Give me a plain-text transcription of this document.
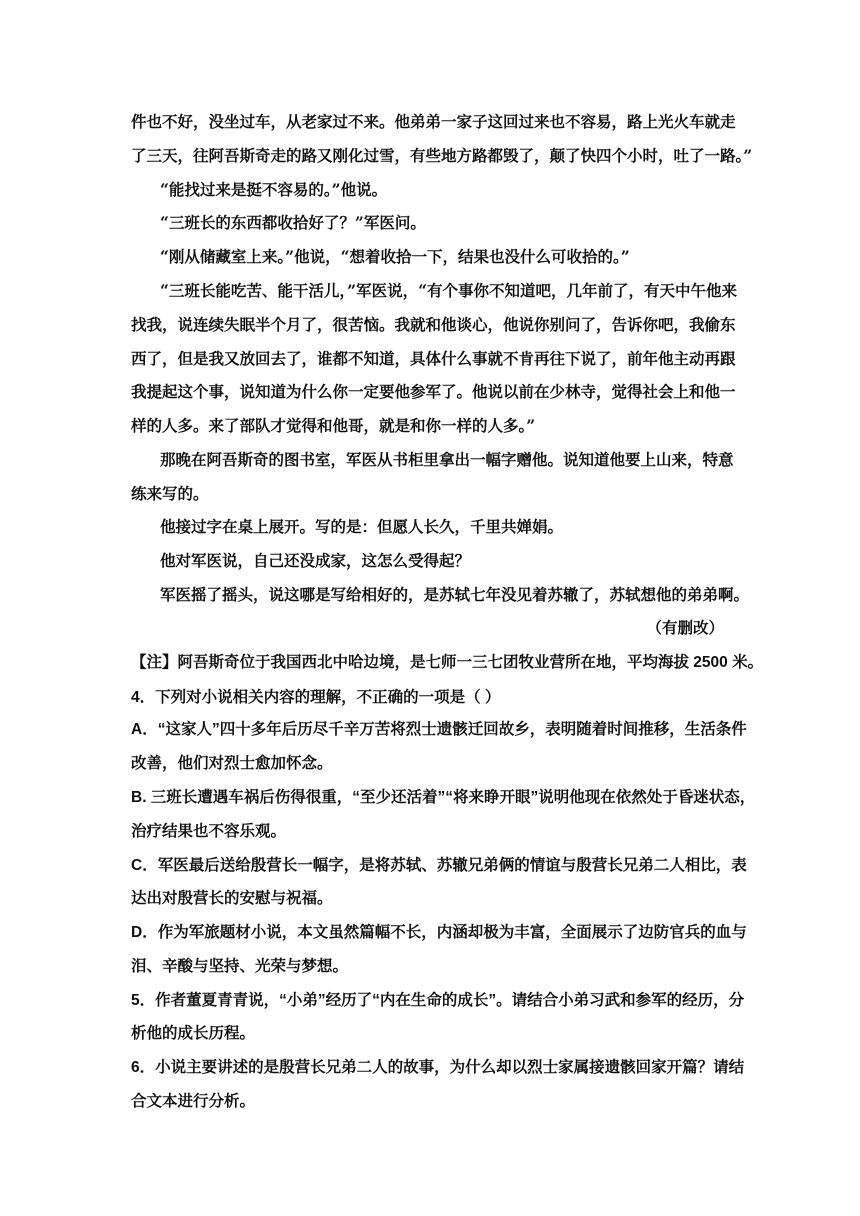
件也不好，没坐过车，从老家过不来。他弟弟一家子这回过来也不容易，路上光火车就走
了三天，往阿吾斯奇走的路又刚化过雪，有些地方路都毁了，颠了快四个小时，吐了一路。”
“能找过来是挺不容易的。”他说。
“三班长的东西都收拾好了？”军医问。
“刚从储藏室上来。”他说，“想着收拾一下，结果也没什么可收拾的。”
“三班长能吃苦、能干活儿，”军医说，“有个事你不知道吧，几年前了，有天中午他来
找我，说连续失眠半个月了，很苦恼。我就和他谈心，他说你别问了，告诉你吧，我偷东
西了，但是我又放回去了，谁都不知道，具体什么事就不肯再往下说了，前年他主动再跟
我提起这个事，说知道为什么你一定要他参军了。他说以前在少林寺，觉得社会上和他一
样的人多。来了部队才觉得和他哥，就是和你一样的人多。”
那晚在阿吾斯奇的图书室，军医从书柜里拿出一幅字赠他。说知道他要上山来，特意
练来写的。
他接过字在桌上展开。写的是：但愿人长久，千里共婵娟。
他对军医说，自己还没成家，这怎么受得起？
军医摇了摇头，说这哪是写给相好的，是苏轼七年没见着苏辙了，苏轼想他的弟弟啊。
（有删改）
【注】阿吾斯奇位于我国西北中哈边境，是七师一三七团牧业营所在地，平均海拔 2500 米。
4．下列对小说相关内容的理解，不正确的一项是（ ）
A．“这家人”四十多年后历尽千辛万苦将烈士遗骸迁回故乡，表明随着时间推移，生活条件
改善，他们对烈士愈加怀念。
B. 三班长遭遇车祸后伤得很重，“至少还活着”“将来睁开眼”说明他现在依然处于昏迷状态，
治疗结果也不容乐观。
C．军医最后送给殷营长一幅字，是将苏轼、苏辙兄弟俩的情谊与殷营长兄弟二人相比，表
达出对殷营长的安慰与祝福。
D．作为军旅题材小说，本文虽然篇幅不长，内涵却极为丰富，全面展示了边防官兵的血与
泪、辛酸与坚持、光荣与梦想。
5．作者董夏青青说，“小弟”经历了“内在生命的成长”。请结合小弟习武和参军的经历，分
析他的成长历程。
6．小说主要讲述的是殷营长兄弟二人的故事，为什么却以烈士家属接遗骸回家开篇？请结
合文本进行分析。
